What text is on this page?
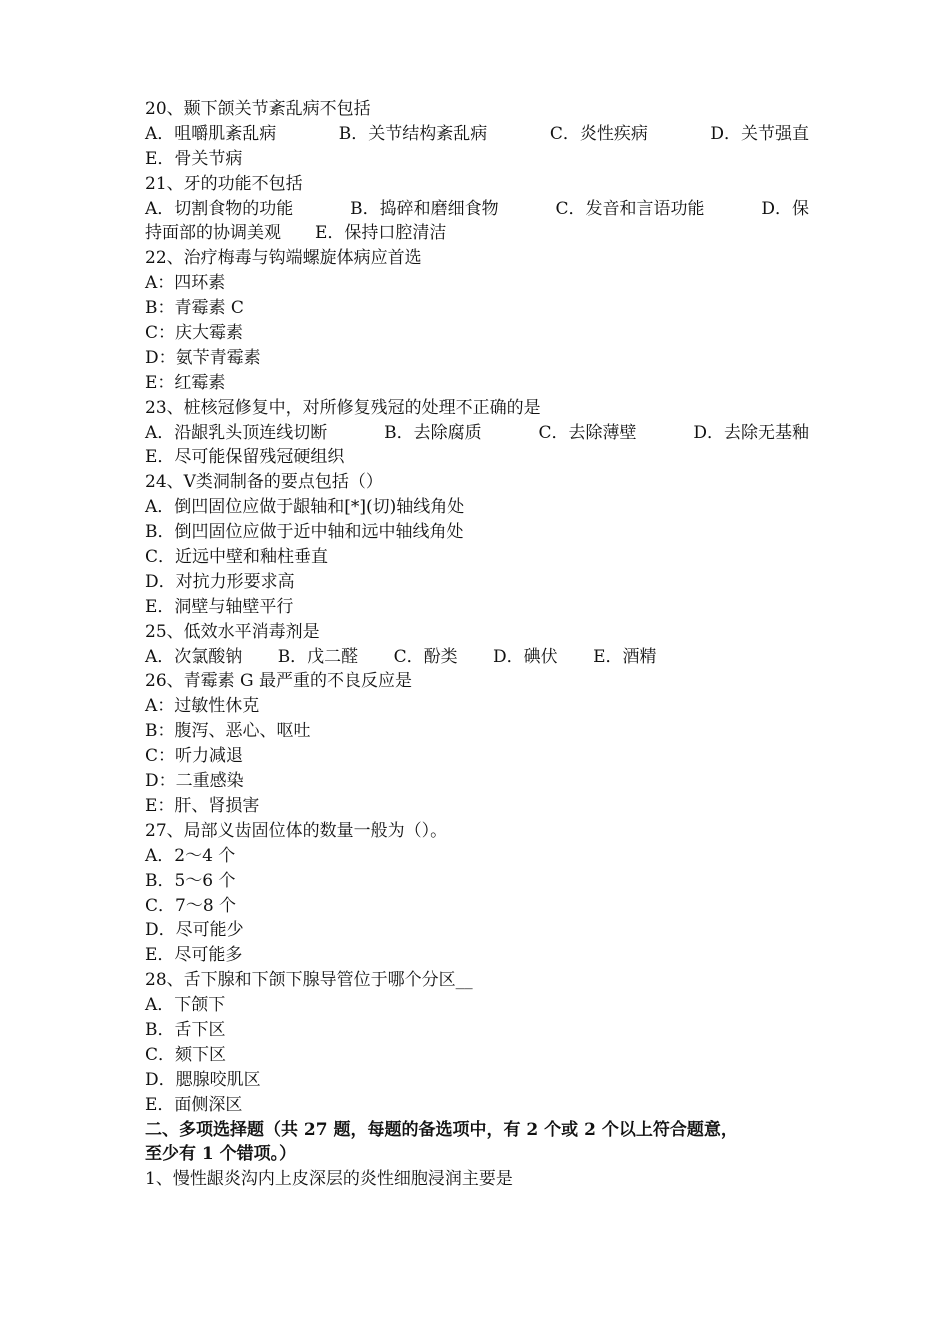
20、颞下颌关节紊乱病不包括
A．咀嚼肌紊乱病	B．关节结构紊乱病	C．炎性疾病	D．关节强直
E．骨关节病
21、牙的功能不包括
A．切割食物的功能	B．捣碎和磨细食物	C．发音和言语功能	D．保
持面部的协调美观　　E．保持口腔清洁
22、治疗梅毒与钩端螺旋体病应首选
A：四环素
B：青霉素 C
C：庆大霉素
D：氨苄青霉素
E：红霉素
23、桩核冠修复中，对所修复残冠的处理不正确的是
A．沿龈乳头顶连线切断	B．去除腐质	C．去除薄壁	D．去除无基釉
E．尽可能保留残冠硬组织
24、Ⅴ类洞制备的要点包括（）
A．倒凹固位应做于龈轴和[*](切)轴线角处
B．倒凹固位应做于近中轴和远中轴线角处
C．近远中壁和釉柱垂直
D．对抗力形要求高
E．洞壁与轴壁平行
25、低效水平消毒剂是
A．次氯酸钠 B．戊二醛 C．酚类 D．碘伏 E．酒精
26、青霉素 G 最严重的不良反应是
A：过敏性休克
B：腹泻、恶心、呕吐
C：听力减退
D：二重感染
E：肝、肾损害
27、局部义齿固位体的数量一般为（）。
A．2～4 个
B．5～6 个
C．7～8 个
D．尽可能少
E．尽可能多
28、舌下腺和下颌下腺导管位于哪个分区__
A．下颌下
B．舌下区
C．颏下区
D．腮腺咬肌区
E．面侧深区
二、多项选择题（共 27 题，每题的备选项中，有 2 个或 2 个以上符合题意，
至少有 1 个错项。）
1、慢性龈炎沟内上皮深层的炎性细胞浸润主要是
